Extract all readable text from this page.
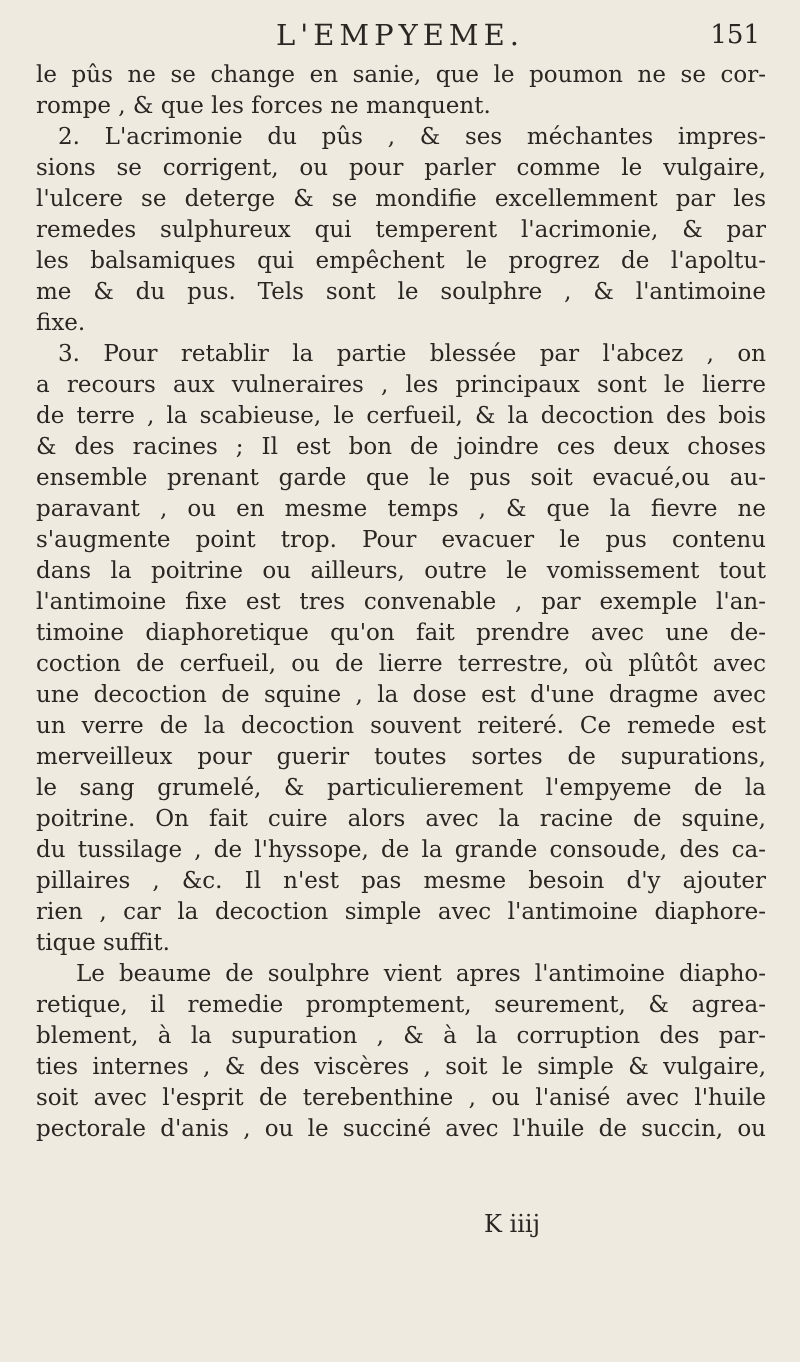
L'EMPYEME.	151
le pûs ne se change en sanie, que le poumon ne se cor-
rompe , & que les forces ne manquent.
2. L'acrimonie du pûs , & ses méchantes impres-
sions se corrigent, ou pour parler comme le vulgaire,
l'ulcere se deterge & se mondifie excellemment par les
remedes sulphureux qui temperent l'acrimonie, & par
les balsamiques qui empêchent le progrez de l'apoltu-
me & du pus. Tels sont le soulphre , & l'antimoine
fixe.
3. Pour retablir la partie blessée par l'abcez , on
a recours aux vulneraires , les principaux sont le lierre
de terre , la scabieuse, le cerfueil, & la decoction des bois
& des racines ; Il est bon de joindre ces deux choses
ensemble prenant garde que le pus soit evacué,ou au-
paravant , ou en mesme temps , & que la fievre ne
s'augmente point trop. Pour evacuer le pus contenu
dans la poitrine ou ailleurs, outre le vomissement tout
l'antimoine fixe est tres convenable , par exemple l'an-
timoine diaphoretique qu'on fait prendre avec une de-
coction de cerfueil, ou de lierre terrestre, où plûtôt avec
une decoction de squine , la dose est d'une dragme avec
un verre de la decoction souvent reiteré. Ce remede est
merveilleux pour guerir toutes sortes de supurations,
le sang grumelé, & particulierement l'empyeme de la
poitrine. On fait cuire alors avec la racine de squine,
du tussilage , de l'hyssope, de la grande consoude, des ca-
pillaires , &c. Il n'est pas mesme besoin d'y ajouter
rien , car la decoction simple avec l'antimoine diaphore-
tique suffit.
Le beaume de soulphre vient apres l'antimoine diapho-
retique, il remedie promptement, seurement, & agrea-
blement, à la supuration , & à la corruption des par-
ties internes , & des viscères , soit le simple & vulgaire,
soit avec l'esprit de terebenthine , ou l'anisé avec l'huile
pectorale d'anis , ou le succiné avec l'huile de succin, ou
K iiij
